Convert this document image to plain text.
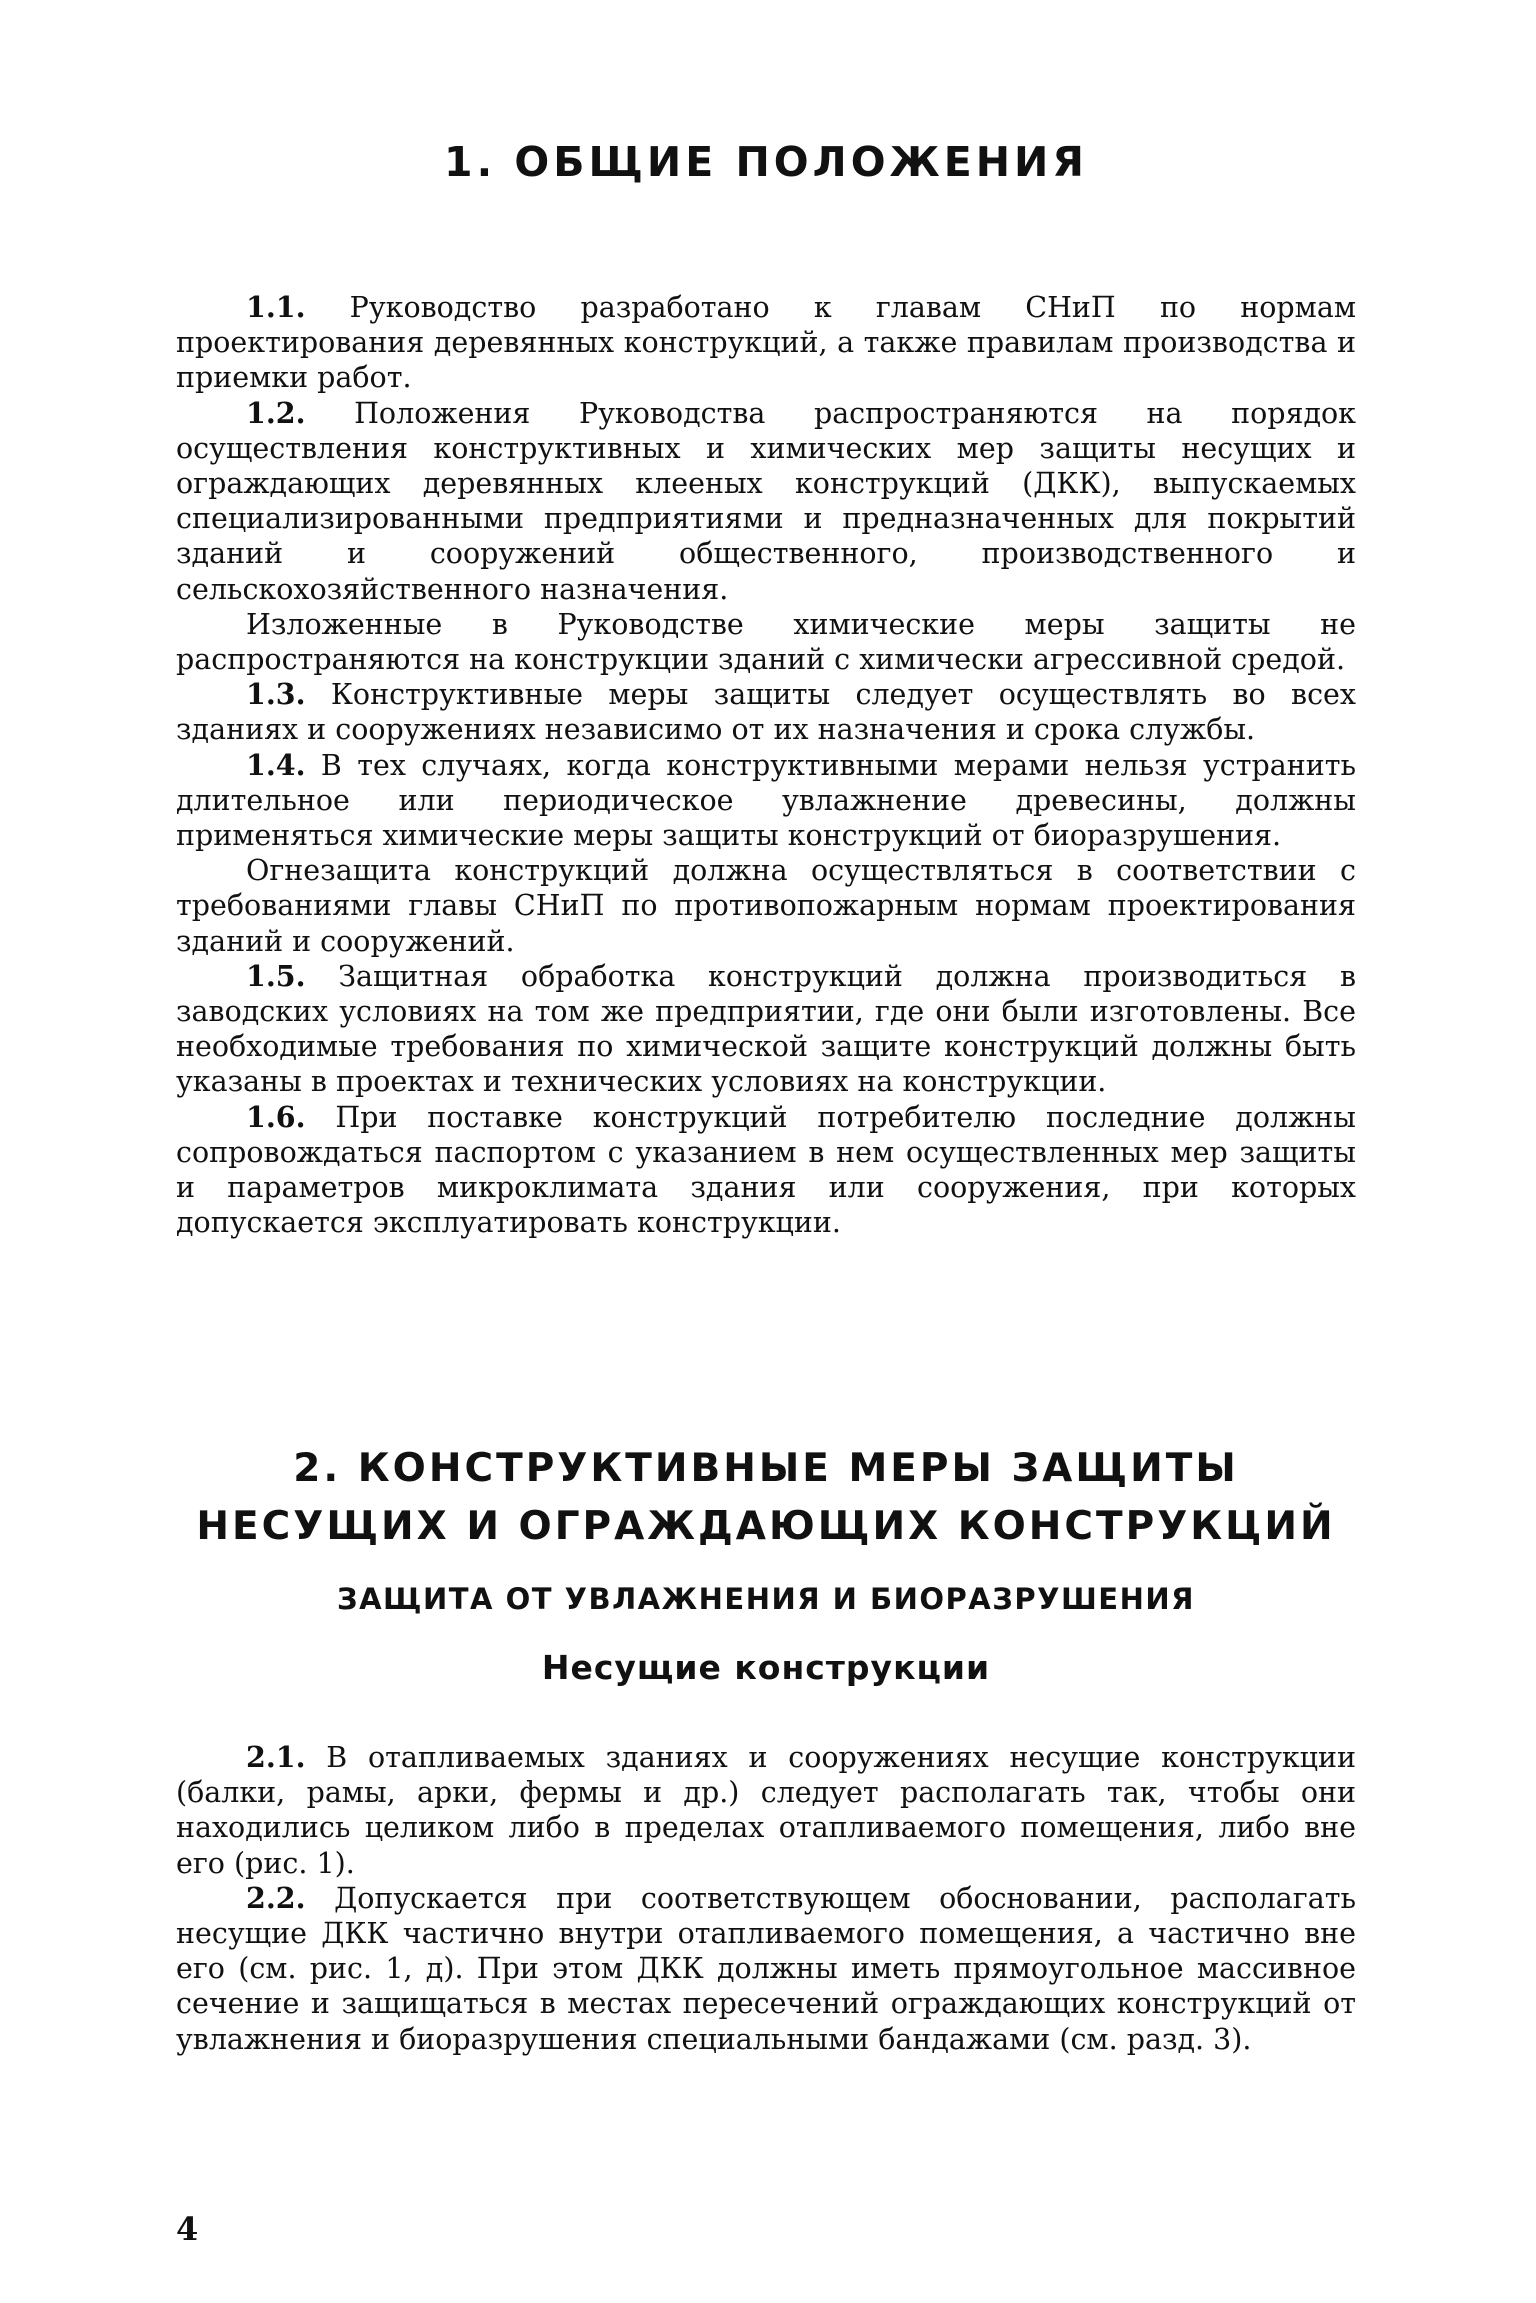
1. ОБЩИЕ ПОЛОЖЕНИЯ

1.1. Руководство разработано к главам СНиП по нормам проектирования деревянных конструкций, а также правилам производства и приемки работ.

1.2. Положения Руководства распространяются на порядок осуществления конструктивных и химических мер защиты несущих и ограждающих деревянных клееных конструкций (ДКК), выпускаемых специализированными предприятиями и предназначенных для покрытий зданий и сооружений общественного, производственного и сельскохозяйственного назначения.

Изложенные в Руководстве химические меры защиты не распространяются на конструкции зданий с химически агрессивной средой.

1.3. Конструктивные меры защиты следует осуществлять во всех зданиях и сооружениях независимо от их назначения и срока службы.

1.4. В тех случаях, когда конструктивными мерами нельзя устранить длительное или периодическое увлажнение древесины, должны применяться химические меры защиты конструкций от биоразрушения.

Огнезащита конструкций должна осуществляться в соответствии с требованиями главы СНиП по противопожарным нормам проектирования зданий и сооружений.

1.5. Защитная обработка конструкций должна производиться в заводских условиях на том же предприятии, где они были изготовлены. Все необходимые требования по химической защите конструкций должны быть указаны в проектах и технических условиях на конструкции.

1.6. При поставке конструкций потребителю последние должны сопровождаться паспортом с указанием в нем осуществленных мер защиты и параметров микроклимата здания или сооружения, при которых допускается эксплуатировать конструкции.

2. КОНСТРУКТИВНЫЕ МЕРЫ ЗАЩИТЫ
НЕСУЩИХ И ОГРАЖДАЮЩИХ КОНСТРУКЦИЙ
ЗАЩИТА ОТ УВЛАЖНЕНИЯ И БИОРАЗРУШЕНИЯ
Несущие конструкции

2.1. В отапливаемых зданиях и сооружениях несущие конструкции (балки, рамы, арки, фермы и др.) следует располагать так, чтобы они находились целиком либо в пределах отапливаемого помещения, либо вне его (рис. 1).

2.2. Допускается при соответствующем обосновании, располагать несущие ДКК частично внутри отапливаемого помещения, а частично вне его (см. рис. 1, д). При этом ДКК должны иметь прямоугольное массивное сечение и защищаться в местах пересечений ограждающих конструкций от увлажнения и биоразрушения специальными бандажами (см. разд. 3).

4
